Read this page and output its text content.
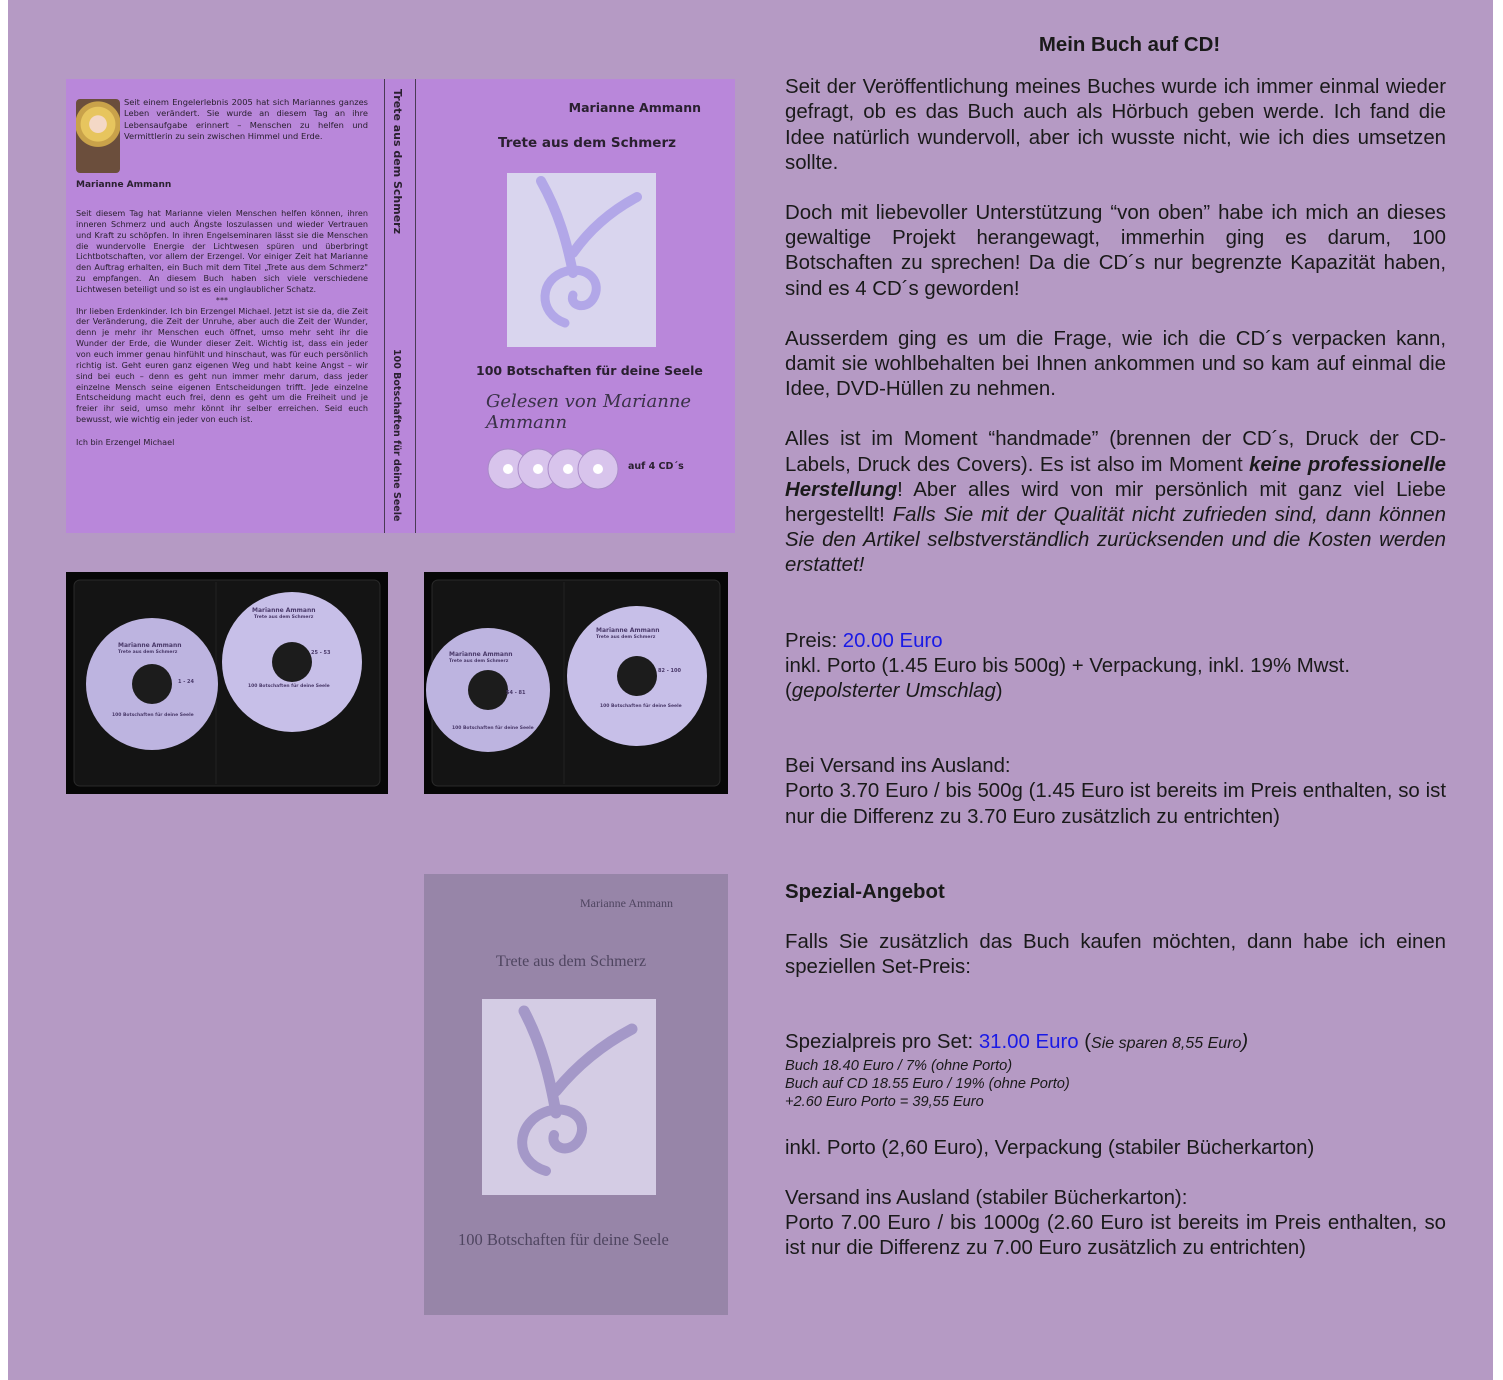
Seit einem Engelerlebnis 2005 hat sich Mariannes ganzes Leben verändert. Sie wurde an diesem Tag an ihre Lebensaufgabe erinnert – Menschen zu helfen und Vermittlerin zu sein zwischen Himmel und Erde.
Marianne Ammann

Seit diesem Tag hat Marianne vielen Menschen helfen können, ihren inneren Schmerz und auch Ängste loszulassen und wieder Vertrauen und Kraft zu schöpfen. In ihren Engelseminaren lässt sie die Menschen die wundervolle Energie der Lichtwesen spüren und überbringt Lichtbotschaften, vor allem der Erzengel. Vor einiger Zeit hat Marianne den Auftrag erhalten, ein Buch mit dem Titel „Trete aus dem Schmerz" zu empfangen. An diesem Buch haben sich viele verschiedene Lichtwesen beteiligt und so ist es ein unglaublicher Schatz.

***

Ihr lieben Erdenkinder. Ich bin Erzengel Michael. Jetzt ist sie da, die Zeit der Veränderung, die Zeit der Unruhe, aber auch die Zeit der Wunder, denn je mehr ihr Menschen euch öffnet, umso mehr seht ihr die Wunder der Erde, die Wunder dieser Zeit. Wichtig ist, dass ein jeder von euch immer genau hinfühlt und hinschaut, was für euch persönlich richtig ist. Geht euren ganz eigenen Weg und habt keine Angst – wir sind bei euch – denn es geht nun immer mehr darum, dass jeder einzelne Mensch seine eigenen Entscheidungen trifft. Jede einzelne Entscheidung macht euch frei, denn es geht um die Freiheit und je freier ihr seid, umso mehr könnt ihr selber erreichen. Seid euch bewusst, wie wichtig ein jeder von euch ist.

Ich bin Erzengel Michael

Trete aus dem Schmerz
100 Botschaften für deine Seele
Marianne Ammann
Trete aus dem Schmerz
100 Botschaften für deine Seele
Gelesen von Marianne Ammann
auf 4 CD´s
Marianne Ammann
Trete aus dem Schmerz
1 - 24
100 Botschaften für deine Seele
Marianne Ammann
Trete aus dem Schmerz
25 - 53
100 Botschaften für deine Seele
Marianne Ammann
Trete aus dem Schmerz
54 - 81
100 Botschaften für deine Seele
Marianne Ammann
Trete aus dem Schmerz
82 - 100
100 Botschaften für deine Seele
Marianne Ammann
Trete aus dem Schmerz
100 Botschaften für deine Seele

Mein Buch auf CD!

Seit der Veröffentlichung meines Buches wurde ich immer einmal wieder gefragt, ob es das Buch auch als Hörbuch geben werde. Ich fand die Idee natürlich wundervoll, aber ich wusste nicht, wie ich dies umsetzen sollte.

Doch mit liebevoller Unterstützung “von oben” habe ich mich an dieses gewaltige Projekt herangewagt, immerhin ging es darum, 100 Botschaften zu sprechen! Da die CD´s nur begrenzte Kapazität haben, sind es 4 CD´s geworden!

Ausserdem ging es um die Frage, wie ich die CD´s verpacken kann, damit sie wohlbehalten bei Ihnen ankommen und so kam auf einmal die Idee, DVD-Hüllen zu nehmen.

Alles ist im Moment “handmade” (brennen der CD´s, Druck der CD-Labels, Druck des Covers). Es ist also im Moment keine professionelle Herstellung! Aber alles wird von mir persönlich mit ganz viel Liebe hergestellt! Falls Sie mit der Qualität nicht zufrieden sind, dann können Sie den Artikel selbstverständlich zurücksenden und die Kosten werden erstattet!

Preis: 20.00 Euro

inkl. Porto (1.45 Euro bis 500g) + Verpackung, inkl. 19% Mwst.

(gepolsterter Umschlag)

Bei Versand ins Ausland:

Porto 3.70 Euro / bis 500g (1.45 Euro ist bereits im Preis enthalten, so ist nur die Differenz zu 3.70 Euro zusätzlich zu entrichten)

Spezial-Angebot

Falls Sie zusätzlich das Buch kaufen möchten, dann habe ich einen speziellen Set-Preis:

Spezialpreis pro Set: 31.00 Euro (Sie sparen 8,55 Euro)

Buch 18.40 Euro / 7% (ohne Porto)

Buch auf CD 18.55 Euro / 19% (ohne Porto)

+2.60 Euro Porto = 39,55 Euro

inkl. Porto (2,60 Euro), Verpackung (stabiler Bücherkarton)

Versand ins Ausland (stabiler Bücherkarton):

Porto 7.00 Euro / bis 1000g (2.60 Euro ist bereits im Preis enthalten, so ist nur die Differenz zu 7.00 Euro zusätzlich zu entrichten)
